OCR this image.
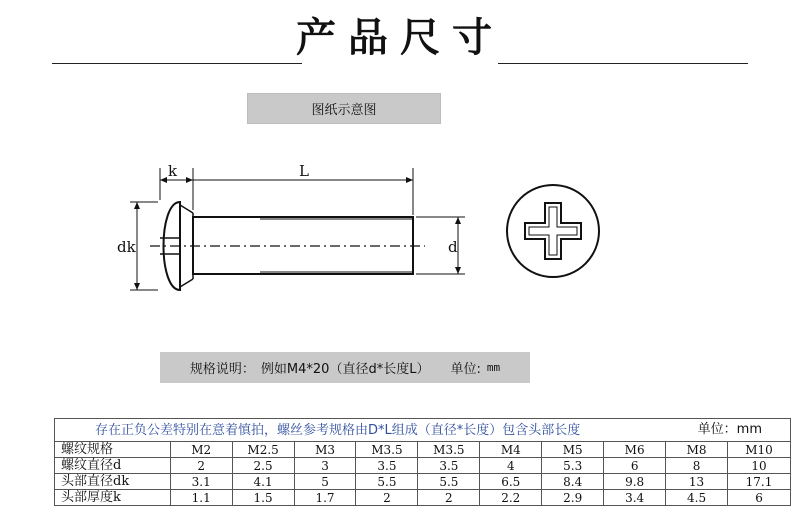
产品尺寸
图纸示意图
k	L
dk	d
规格说明： 例如M4*20（直径d*长度L） 单位: mm
存在正负公差特别在意着慎拍，螺丝参考规格由D*L组成（直径*长度）包含头部长度 单位：mm										

螺纹规格	M2	M2.5	M3	M3.5	M3.5	M4	M5	M6	M8	M10
螺纹直径d	2	2.5	3	3.5	3.5	4	5.3	6	8	10
头部直径dk	3.1	4.1	5	5.5	5.5	6.5	8.4	9.8	13	17.1
头部厚度k	1.1	1.5	1.7	2	2	2.2	2.9	3.4	4.5	6
